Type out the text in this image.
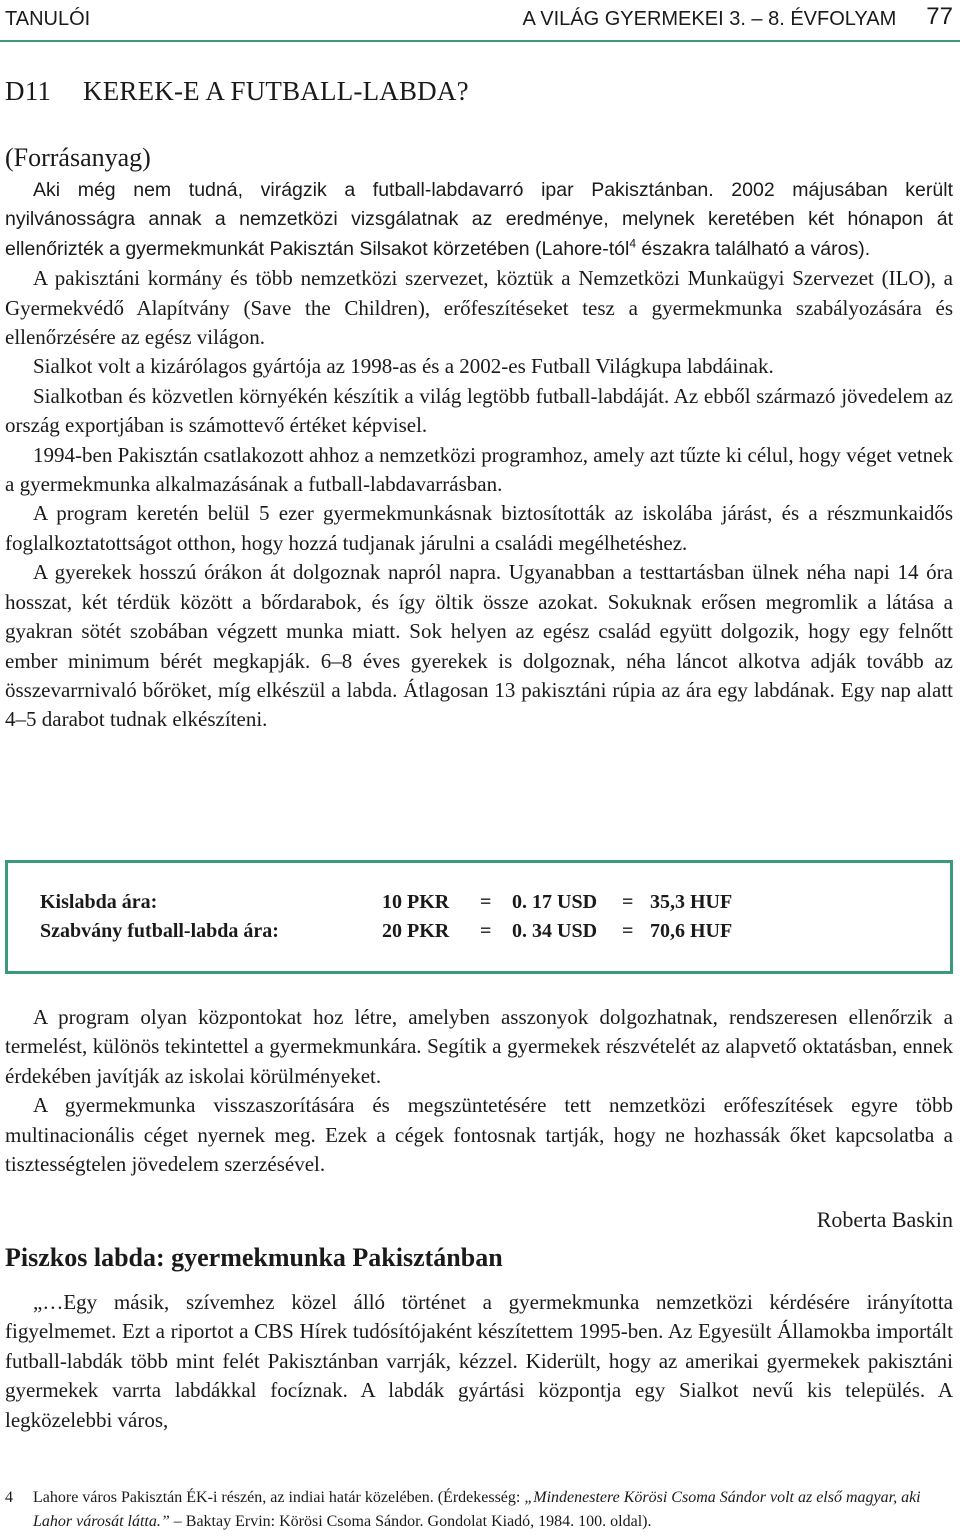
TANULÓI	A VILÁG GYERMEKEI 3. – 8. ÉVFOLYAM 77
D11 KEREK-E A FUTBALL-LABDA?
(Forrásanyag)

Aki még nem tudná, virágzik a futball-labdavarró ipar Pakisztánban. 2002 májusában került nyilvánosságra annak a nemzetközi vizsgálatnak az eredménye, melynek keretében két hónapon át ellenőrizték a gyermekmunkát Pakisztán Silsakot körzetében (Lahore-tól$^4$ északra található a város).

A pakisztáni kormány és több nemzetközi szervezet, köztük a Nemzetközi Munkaügyi Szervezet (ILO), a Gyermekvédő Alapítvány (Save the Children), erőfeszítéseket tesz a gyermekmunka szabályozására és ellenőrzésére az egész világon.

Sialkot volt a kizárólagos gyártója az 1998-as és a 2002-es Futball Világkupa labdáinak.

Sialkotban és közvetlen környékén készítik a világ legtöbb futball-labdáját. Az ebből származó jövedelem az ország exportjában is számottevő értéket képvisel.

1994-ben Pakisztán csatlakozott ahhoz a nemzetközi programhoz, amely azt tűzte ki célul, hogy véget vetnek a gyermekmunka alkalmazásának a futball-labdavarrásban.

A program keretén belül 5 ezer gyermekmunkásnak biztosították az iskolába járást, és a részmunkaidős foglalkoztatottságot otthon, hogy hozzá tudjanak járulni a családi megélhetéshez.

A gyerekek hosszú órákon át dolgoznak napról napra. Ugyanabban a testtartásban ülnek néha napi 14 óra hosszat, két térdük között a bőrdarabok, és így öltik össze azokat. Sokuknak erősen megromlik a látása a gyakran sötét szobában végzett munka miatt. Sok helyen az egész család együtt dolgozik, hogy egy felnőtt ember minimum bérét megkapják. 6–8 éves gyerekek is dolgoznak, néha láncot alkotva adják tovább az összevarrnivaló bőröket, míg elkészül a labda. Átlagosan 13 pakisztáni rúpia az ára egy labdának. Egy nap alatt 4–5 darabot tudnak elkészíteni.

Kislabda ára:	10 PKR	=	0. 17 USD	= 35,3 HUF
Szabvány futball-labda ára:	20 PKR	=	0. 34 USD	= 70,6 HUF

A program olyan központokat hoz létre, amelyben asszonyok dolgozhatnak, rendszeresen ellenőrzik a termelést, különös tekintettel a gyermekmunkára. Segítik a gyermekek részvételét az alapvető oktatásban, ennek érdekében javítják az iskolai körülményeket.

A gyermekmunka visszaszorítására és megszüntetésére tett nemzetközi erőfeszítések egyre több multinacionális céget nyernek meg. Ezek a cégek fontosnak tartják, hogy ne hozhassák őket kapcsolatba a tisztességtelen jövedelem szerzésével.

Roberta Baskin
Piszkos labda: gyermekmunka Pakisztánban

„…Egy másik, szívemhez közel álló történet a gyermekmunka nemzetközi kérdésére irányította figyelmemet. Ezt a riportot a CBS Hírek tudósítójaként készítettem 1995-ben. Az Egyesült Államokba importált futball-labdák több mint felét Pakisztánban varrják, kézzel. Kiderült, hogy az amerikai gyermekek pakisztáni gyermekek varrta labdákkal focíznak. A labdák gyártási központja egy Sialkot nevű kis település. A legközelebbi város,

4	Lahore város Pakisztán ÉK-i részén, az indiai határ közelében. (Érdekesség: „Mindenestere Körösi Csoma Sándor volt az első magyar, aki Lahor városát látta.” – Baktay Ervin: Körösi Csoma Sándor. Gondolat Kiadó, 1984. 100. oldal).
